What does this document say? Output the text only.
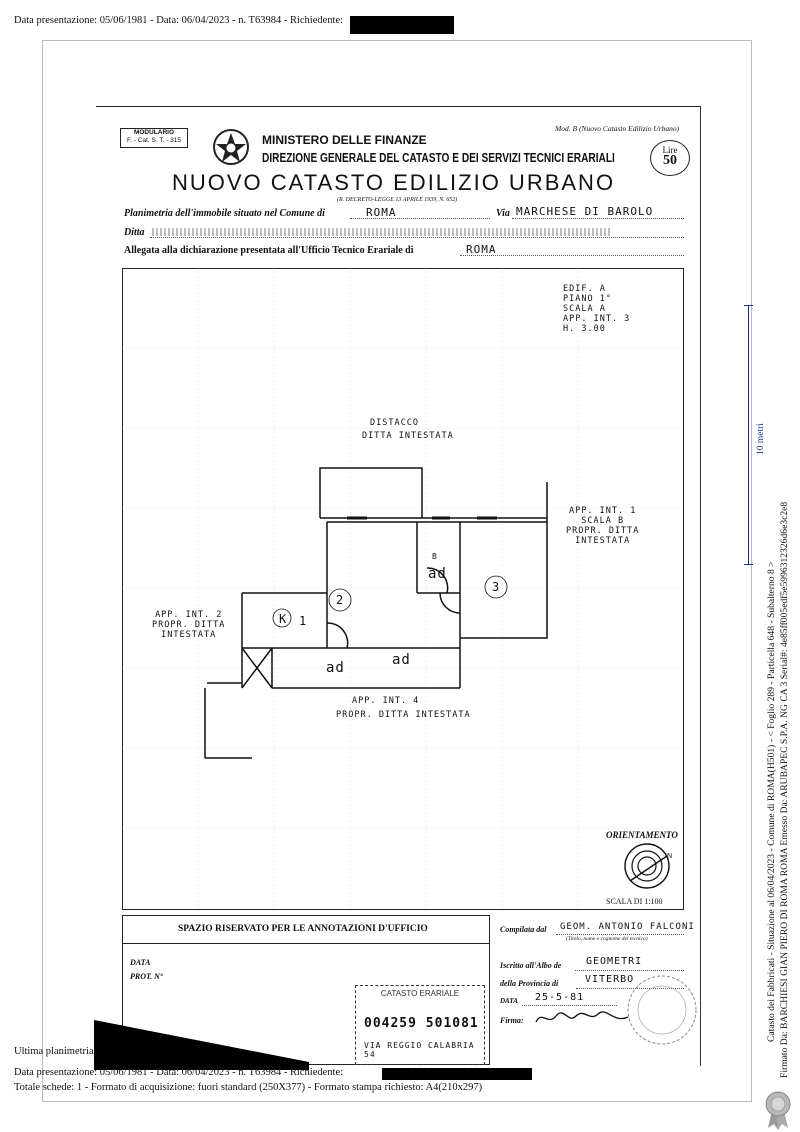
Data presentazione: 05/06/1981 - Data: 06/04/2023 - n. T63984 - Richiedente:
MODULARIO
F. - Cat. S. T. - 315	MINISTERO DELLE FINANZE
DIREZIONE GENERALE DEL CATASTO E DEI SERVIZI TECNICI ERARIALI
NUOVO CATASTO EDILIZIO URBANO
(R. DECRETO-LEGGE 13 APRILE 1939, N. 652)
Mod. B (Nuovo Catasto Edilizio Urbano)
Lire
50
Planimetria dell'immobile situato nel Comune di	ROMA	Via MARCHESE DI BAROLO
Ditta
Allegata alla dichiarazione presentata all'Ufficio Tecnico Erariale di	ROMA
EDIF. A
PIANO 1°
SCALA A
APP. INT. 3
H. 3.00
DISTACCO
DITTA INTESTATA
APP. INT. 1
SCALA B
PROPR. DITTA
INTESTATA
APP. INT. 2
PROPR. DITTA
INTESTATA
APP. INT. 4
PROPR. DITTA INTESTATA
K 1
2
3
B
ad
ad	ad
ORIENTAMENTO
N
SCALA DI 1:100
SPAZIO RISERVATO PER LE ANNOTAZIONI D'UFFICIO
DATA
PROT. N°
CATASTO ERARIALE
004259 501081
VIA REGGIO CALABRIA 54
Compilata dal GEOM. ANTONIO FALCONI
(Titolo, nome e cognome del tecnico)
Iscritto all'Albo de GEOMETRI
della Provincia di	VITERBO
DATA 25-5-81
Firma:
Ultima planimetria
Data presentazione: 05/06/1981 - Data: 06/04/2023 - n. T63984 - Richiedente:
Totale schede: 1 - Formato di acquisizione: fuori standard (250X377) - Formato stampa richiesto: A4(210x297)
10 metri
Catasto dei Fabbricati - Situazione al 06/04/2023 - Comune di ROMA(H501) - < Foglio 289 - Particella 648 - Subalterno 8 > Firmato Da: BARCHIESI GIAN PIERO DI ROMA ROMA Emesso Da: ARUBAPEC S.P.A. NG CA 3 Serial#: 4e85ff005edf5e5996312326d6e3c2e8
